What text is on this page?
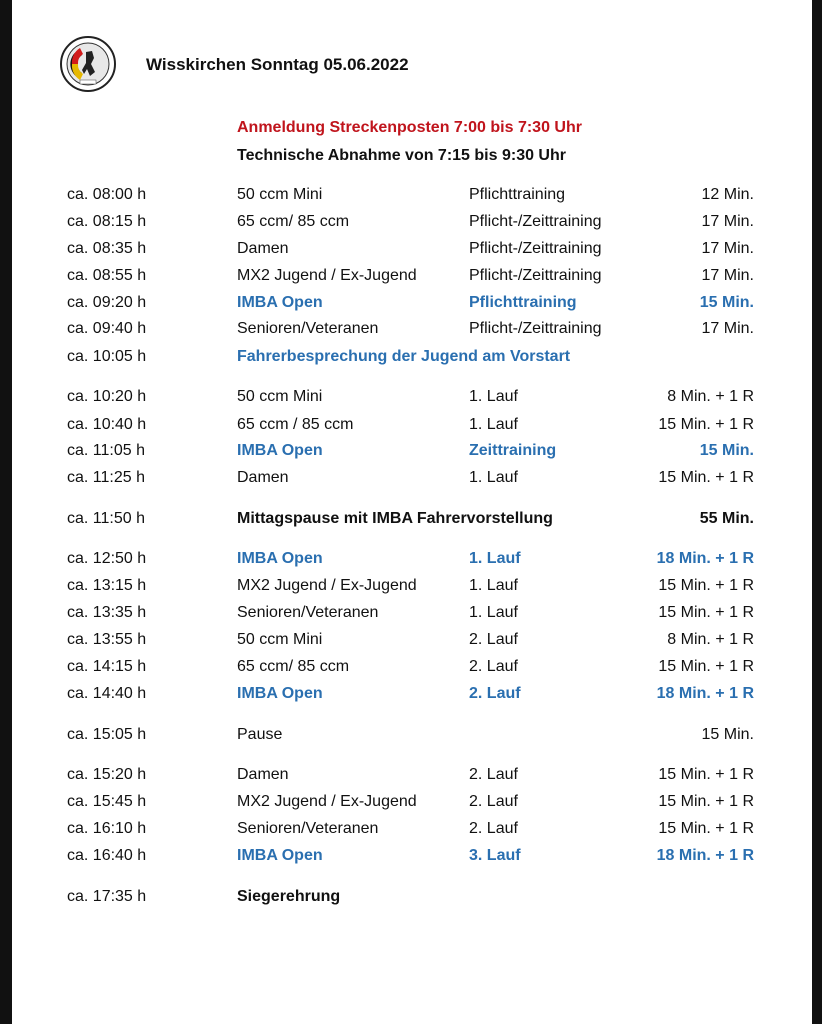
Wisskirchen Sonntag 05.06.2022
Anmeldung Streckenposten 7:00 bis 7:30 Uhr
Technische Abnahme von 7:15 bis 9:30 Uhr
ca. 08:00 h	50 ccm Mini	Pflichttraining	12 Min.
ca. 08:15 h	65 ccm/ 85 ccm	Pflicht-/Zeittraining	17 Min.
ca. 08:35 h	Damen	Pflicht-/Zeittraining	17 Min.
ca. 08:55 h	MX2 Jugend / Ex-Jugend	Pflicht-/Zeittraining	17 Min.
ca. 09:20 h	IMBA Open	Pflichttraining	15 Min.
ca. 09:40 h	Senioren/Veteranen	Pflicht-/Zeittraining	17 Min.
ca. 10:05 h	Fahrerbesprechung der Jugend am Vorstart
ca. 10:20 h	50 ccm Mini	1. Lauf	8 Min. + 1 R
ca. 10:40 h	65 ccm / 85 ccm	1. Lauf	15 Min. + 1 R
ca. 11:05 h	IMBA Open	Zeittraining	15 Min.
ca. 11:25 h	Damen	1. Lauf	15 Min. + 1 R
ca. 11:50 h	Mittagspause mit IMBA Fahrervorstellung	55 Min.
ca. 12:50 h	IMBA Open	1. Lauf	18 Min. + 1 R
ca. 13:15 h	MX2 Jugend / Ex-Jugend	1. Lauf	15 Min. + 1 R
ca. 13:35 h	Senioren/Veteranen	1. Lauf	15 Min. + 1 R
ca. 13:55 h	50 ccm Mini	2. Lauf	8 Min. + 1 R
ca. 14:15 h	65 ccm/ 85 ccm	2. Lauf	15 Min. + 1 R
ca. 14:40 h	IMBA Open	2. Lauf	18 Min. + 1 R
ca. 15:05 h	Pause	15 Min.
ca. 15:20 h	Damen	2. Lauf	15 Min. + 1 R
ca. 15:45 h	MX2 Jugend / Ex-Jugend	2. Lauf	15 Min. + 1 R
ca. 16:10 h	Senioren/Veteranen	2. Lauf	15 Min. + 1 R
ca. 16:40 h	IMBA Open	3. Lauf	18 Min. + 1 R
ca. 17:35 h	Siegerehrung
